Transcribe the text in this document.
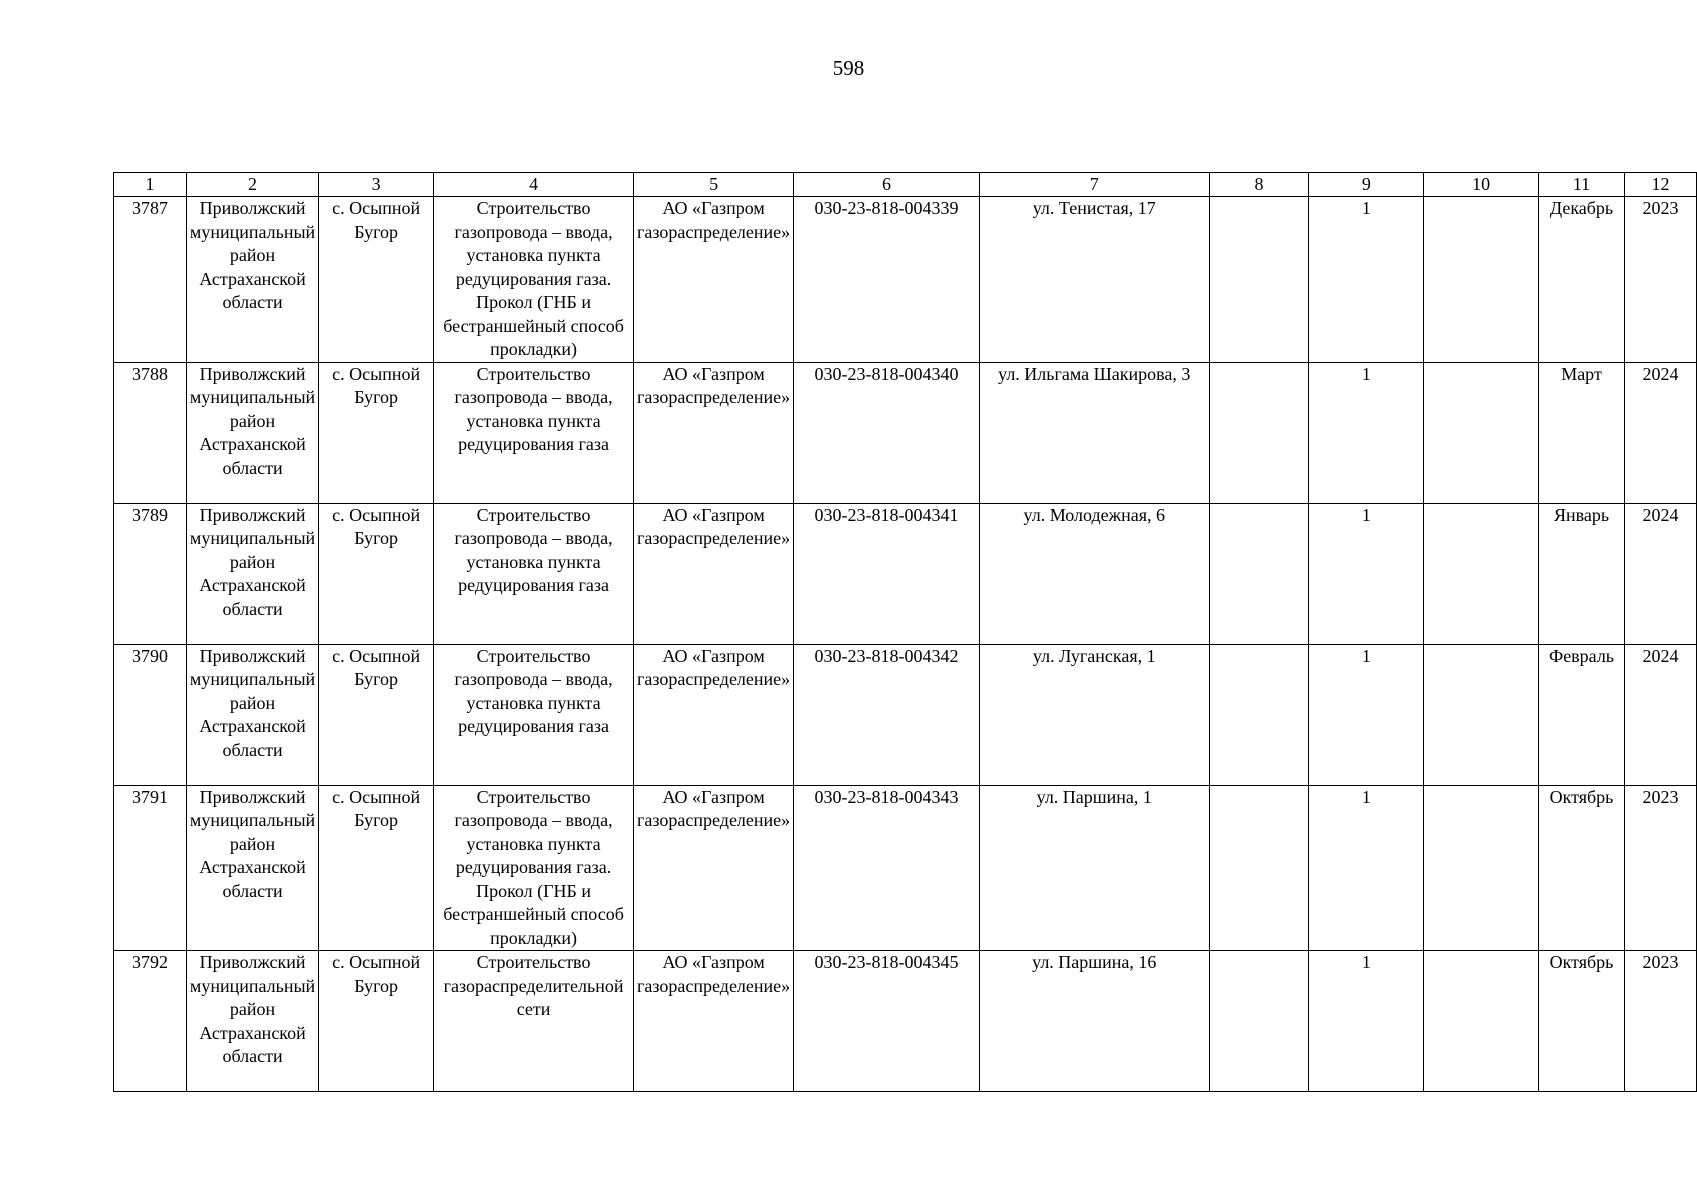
598
1	2	3	4	5	6	7	8	9	10	11	12
3787	Приволжский муниципальный район Астраханской области	с. Осыпной Бугор	Строительство газопровода – ввода, установка пункта редуцирования газа. Прокол (ГНБ и бестраншейный способ прокладки)	АО «Газпром газораспределение»	030-23-818-004339	ул. Тенистая, 17		1		Декабрь	2023
3788	Приволжский муниципальный район Астраханской области	с. Осыпной Бугор	Строительство газопровода – ввода, установка пункта редуцирования газа	АО «Газпром газораспределение»	030-23-818-004340	ул. Ильгама Шакирова, 3		1		Март	2024
3789	Приволжский муниципальный район Астраханской области	с. Осыпной Бугор	Строительство газопровода – ввода, установка пункта редуцирования газа	АО «Газпром газораспределение»	030-23-818-004341	ул. Молодежная, 6		1		Январь	2024
3790	Приволжский муниципальный район Астраханской области	с. Осыпной Бугор	Строительство газопровода – ввода, установка пункта редуцирования газа	АО «Газпром газораспределение»	030-23-818-004342	ул. Луганская, 1		1		Февраль	2024
3791	Приволжский муниципальный район Астраханской области	с. Осыпной Бугор	Строительство газопровода – ввода, установка пункта редуцирования газа. Прокол (ГНБ и бестраншейный способ прокладки)	АО «Газпром газораспределение»	030-23-818-004343	ул. Паршина, 1		1		Октябрь	2023
3792	Приволжский муниципальный район Астраханской области	с. Осыпной Бугор	Строительство газораспределительной сети	АО «Газпром газораспределение»	030-23-818-004345	ул. Паршина, 16		1		Октябрь	2023
